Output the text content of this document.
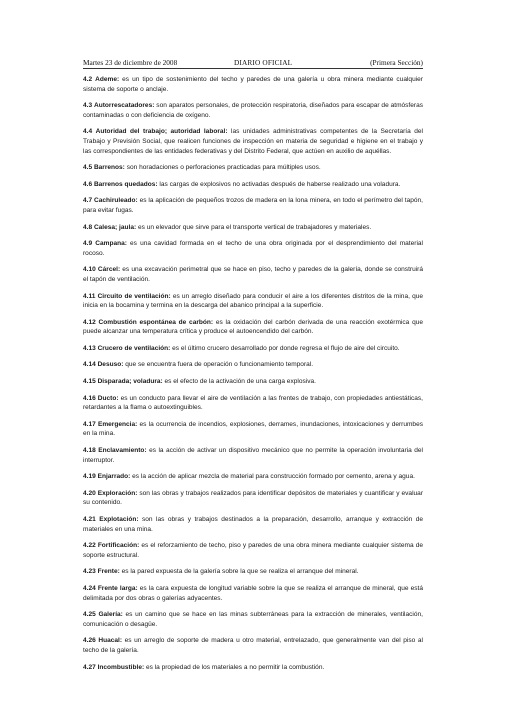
Martes 23 de diciembre de 2008	DIARIO OFICIAL	(Primera Sección)

4.2 Ademe: es un tipo de sostenimiento del techo y paredes de una galería u obra minera mediante cualquier sistema de soporte o anclaje.

4.3 Autorrescatadores: son aparatos personales, de protección respiratoria, diseñados para escapar de atmósferas contaminadas o con deficiencia de oxígeno.

4.4 Autoridad del trabajo; autoridad laboral: las unidades administrativas competentes de la Secretaría del Trabajo y Previsión Social, que realicen funciones de inspección en materia de seguridad e higiene en el trabajo y las correspondientes de las entidades federativas y del Distrito Federal, que actúen en auxilio de aquéllas.

4.5 Barrenos: son horadaciones o perforaciones practicadas para múltiples usos.

4.6 Barrenos quedados: las cargas de explosivos no activadas después de haberse realizado una voladura.

4.7 Cachiruleado: es la aplicación de pequeños trozos de madera en la lona minera, en todo el perímetro del tapón, para evitar fugas.

4.8 Calesa; jaula: es un elevador que sirve para el transporte vertical de trabajadores y materiales.

4.9 Campana: es una cavidad formada en el techo de una obra originada por el desprendimiento del material rocoso.

4.10 Cárcel: es una excavación perimetral que se hace en piso, techo y paredes de la galería, donde se construirá el tapón de ventilación.

4.11 Circuito de ventilación: es un arreglo diseñado para conducir el aire a los diferentes distritos de la mina, que inicia en la bocamina y termina en la descarga del abanico principal a la superficie.

4.12 Combustión espontánea de carbón: es la oxidación del carbón derivada de una reacción exotérmica que puede alcanzar una temperatura crítica y produce el autoencendido del carbón.

4.13 Crucero de ventilación: es el último crucero desarrollado por donde regresa el flujo de aire del circuito.

4.14 Desuso: que se encuentra fuera de operación o funcionamiento temporal.

4.15 Disparada; voladura: es el efecto de la activación de una carga explosiva.

4.16 Ducto: es un conducto para llevar el aire de ventilación a las frentes de trabajo, con propiedades antiestáticas, retardantes a la flama o autoextinguibles.

4.17 Emergencia: es la ocurrencia de incendios, explosiones, derrames, inundaciones, intoxicaciones y derrumbes en la mina.

4.18 Enclavamiento: es la acción de activar un dispositivo mecánico que no permite la operación involuntaria del interruptor.

4.19 Enjarrado: es la acción de aplicar mezcla de material para construcción formado por cemento, arena y agua.

4.20 Exploración: son las obras y trabajos realizados para identificar depósitos de materiales y cuantificar y evaluar su contenido.

4.21 Explotación: son las obras y trabajos destinados a la preparación, desarrollo, arranque y extracción de materiales en una mina.

4.22 Fortificación: es el reforzamiento de techo, piso y paredes de una obra minera mediante cualquier sistema de soporte estructural.

4.23 Frente: es la pared expuesta de la galería sobre la que se realiza el arranque del mineral.

4.24 Frente larga: es la cara expuesta de longitud variable sobre la que se realiza el arranque de mineral, que está delimitada por dos obras o galerías adyacentes.

4.25 Galería: es un camino que se hace en las minas subterráneas para la extracción de minerales, ventilación, comunicación o desagüe.

4.26 Huacal: es un arreglo de soporte de madera u otro material, entrelazado, que generalmente van del piso al techo de la galería.

4.27 Incombustible: es la propiedad de los materiales a no permitir la combustión.
